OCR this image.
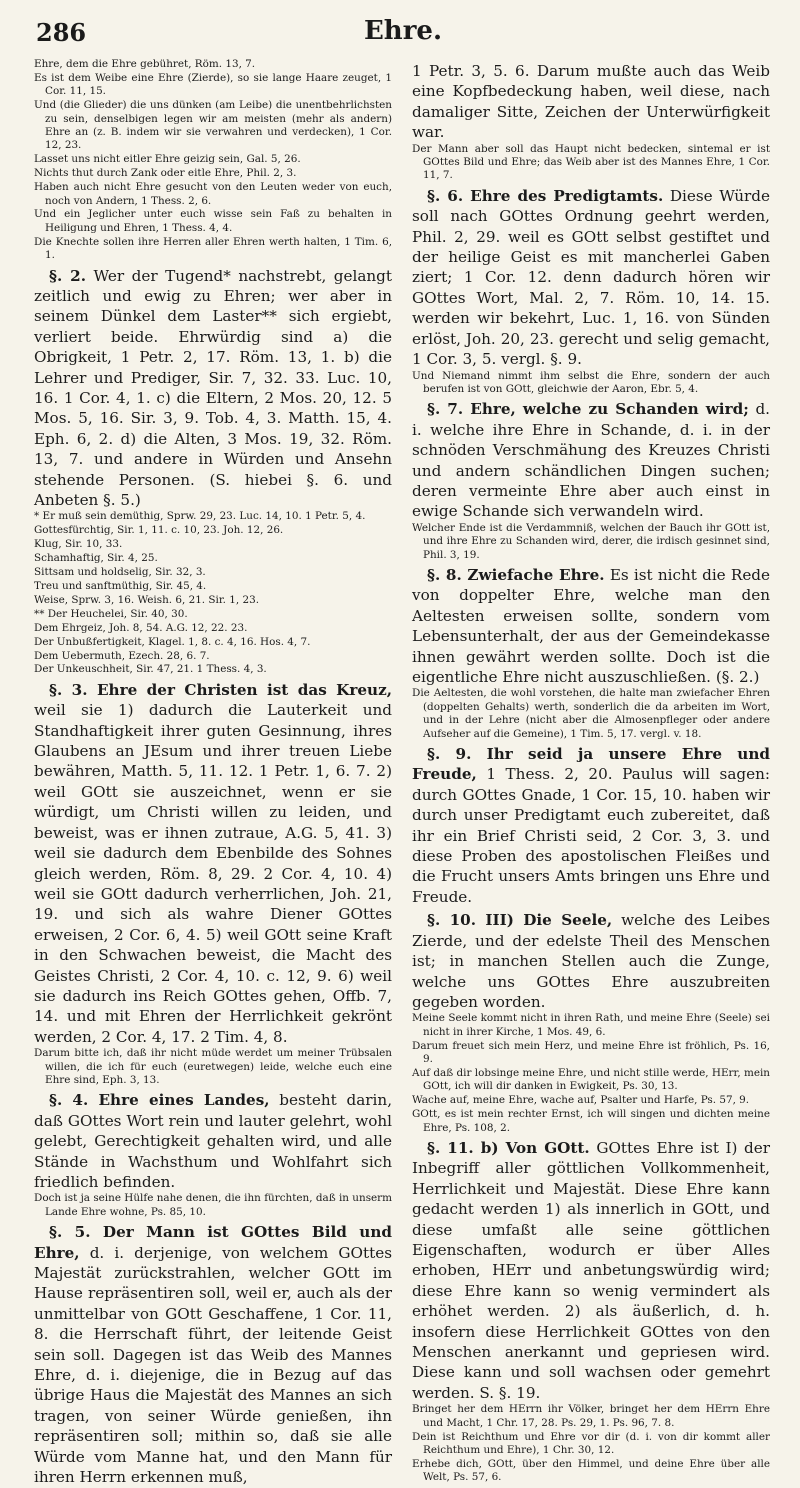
286	Ehre.

Ehre, dem die Ehre gebühret, Röm. 13, 7.

Es ist dem Weibe eine Ehre (Zierde), so sie lange Haare zeuget, 1 Cor. 11, 15.

Und (die Glieder) die uns dünken (am Leibe) die unentbehrlichsten zu sein, denselbigen legen wir am meisten (mehr als andern) Ehre an (z. B. indem wir sie verwahren und verdecken), 1 Cor. 12, 23.

Lasset uns nicht eitler Ehre geizig sein, Gal. 5, 26.

Nichts thut durch Zank oder eitle Ehre, Phil. 2, 3.

Haben auch nicht Ehre gesucht von den Leuten weder von euch, noch von Andern, 1 Thess. 2, 6.

Und ein Jeglicher unter euch wisse sein Faß zu behalten in Heiligung und Ehren, 1 Thess. 4, 4.

Die Knechte sollen ihre Herren aller Ehren werth halten, 1 Tim. 6, 1.

§. 2. Wer der Tugend* nachstrebt, gelangt zeitlich und ewig zu Ehren; wer aber in seinem Dünkel dem Laster** sich ergiebt, verliert beide. Ehrwürdig sind a) die Obrigkeit, 1 Petr. 2, 17. Röm. 13, 1. b) die Lehrer und Prediger, Sir. 7, 32. 33. Luc. 10, 16. 1 Cor. 4, 1. c) die Eltern, 2 Mos. 20, 12. 5 Mos. 5, 16. Sir. 3, 9. Tob. 4, 3. Matth. 15, 4. Eph. 6, 2. d) die Alten, 3 Mos. 19, 32. Röm. 13, 7. und andere in Würden und Ansehn stehende Personen. (S. hiebei §. 6. und Anbeten §. 5.)

* Er muß sein demüthig, Sprw. 29, 23. Luc. 14, 10. 1 Petr. 5, 4.

Gottesfürchtig, Sir. 1, 11. c. 10, 23. Joh. 12, 26.

Klug, Sir. 10, 33.

Schamhaftig, Sir. 4, 25.

Sittsam und holdselig, Sir. 32, 3.

Treu und sanftmüthig, Sir. 45, 4.

Weise, Sprw. 3, 16. Weish. 6, 21. Sir. 1, 23.

** Der Heuchelei, Sir. 40, 30.

Dem Ehrgeiz, Joh. 8, 54. A.G. 12, 22. 23.

Der Unbußfertigkeit, Klagel. 1, 8. c. 4, 16. Hos. 4, 7.

Dem Uebermuth, Ezech. 28, 6. 7.

Der Unkeuschheit, Sir. 47, 21. 1 Thess. 4, 3.

§. 3. Ehre der Christen ist das Kreuz, weil sie 1) dadurch die Lauterkeit und Standhaftigkeit ihrer guten Gesinnung, ihres Glaubens an JEsum und ihrer treuen Liebe bewähren, Matth. 5, 11. 12. 1 Petr. 1, 6. 7. 2) weil GOtt sie auszeichnet, wenn er sie würdigt, um Christi willen zu leiden, und beweist, was er ihnen zutraue, A.G. 5, 41. 3) weil sie dadurch dem Ebenbilde des Sohnes gleich werden, Röm. 8, 29. 2 Cor. 4, 10. 4) weil sie GOtt dadurch verherrlichen, Joh. 21, 19. und sich als wahre Diener GOttes erweisen, 2 Cor. 6, 4. 5) weil GOtt seine Kraft in den Schwachen beweist, die Macht des Geistes Christi, 2 Cor. 4, 10. c. 12, 9. 6) weil sie dadurch ins Reich GOttes gehen, Offb. 7, 14. und mit Ehren der Herrlichkeit gekrönt werden, 2 Cor. 4, 17. 2 Tim. 4, 8.

Darum bitte ich, daß ihr nicht müde werdet um meiner Trübsalen willen, die ich für euch (euretwegen) leide, welche euch eine Ehre sind, Eph. 3, 13.

§. 4. Ehre eines Landes, besteht darin, daß GOttes Wort rein und lauter gelehrt, wohl gelebt, Gerechtigkeit gehalten wird, und alle Stände in Wachsthum und Wohlfahrt sich friedlich befinden.

Doch ist ja seine Hülfe nahe denen, die ihn fürchten, daß in unserm Lande Ehre wohne, Ps. 85, 10.

§. 5. Der Mann ist GOttes Bild und Ehre, d. i. derjenige, von welchem GOttes Majestät zurückstrahlen, welcher GOtt im Hause repräsentiren soll, weil er, auch als der unmittelbar von GOtt Geschaffene, 1 Cor. 11, 8. die Herrschaft führt, der leitende Geist sein soll. Dagegen ist das Weib des Mannes Ehre, d. i. diejenige, die in Bezug auf das übrige Haus die Majestät des Mannes an sich tragen, von seiner Würde genießen, ihn repräsentiren soll; mithin so, daß sie alle Würde vom Manne hat, und den Mann für ihren Herrn erkennen muß,

1 Petr. 3, 5. 6. Darum mußte auch das Weib eine Kopfbedeckung haben, weil diese, nach damaliger Sitte, Zeichen der Unterwürfigkeit war.

Der Mann aber soll das Haupt nicht bedecken, sintemal er ist GOttes Bild und Ehre; das Weib aber ist des Mannes Ehre, 1 Cor. 11, 7.

§. 6. Ehre des Predigtamts. Diese Würde soll nach GOttes Ordnung geehrt werden, Phil. 2, 29. weil es GOtt selbst gestiftet und der heilige Geist es mit mancherlei Gaben ziert; 1 Cor. 12. denn dadurch hören wir GOttes Wort, Mal. 2, 7. Röm. 10, 14. 15. werden wir bekehrt, Luc. 1, 16. von Sünden erlöst, Joh. 20, 23. gerecht und selig gemacht, 1 Cor. 3, 5. vergl. §. 9.

Und Niemand nimmt ihm selbst die Ehre, sondern der auch berufen ist von GOtt, gleichwie der Aaron, Ebr. 5, 4.

§. 7. Ehre, welche zu Schanden wird; d. i. welche ihre Ehre in Schande, d. i. in der schnöden Verschmähung des Kreuzes Christi und andern schändlichen Dingen suchen; deren vermeinte Ehre aber auch einst in ewige Schande sich verwandeln wird.

Welcher Ende ist die Verdammniß, welchen der Bauch ihr GOtt ist, und ihre Ehre zu Schanden wird, derer, die irdisch gesinnet sind, Phil. 3, 19.

§. 8. Zwiefache Ehre. Es ist nicht die Rede von doppelter Ehre, welche man den Aeltesten erweisen sollte, sondern vom Lebensunterhalt, der aus der Gemeindekasse ihnen gewährt werden sollte. Doch ist die eigentliche Ehre nicht auszuschließen. (§. 2.)

Die Aeltesten, die wohl vorstehen, die halte man zwiefacher Ehren (doppelten Gehalts) werth, sonderlich die da arbeiten im Wort, und in der Lehre (nicht aber die Almosenpfleger oder andere Aufseher auf die Gemeine), 1 Tim. 5, 17. vergl. v. 18.

§. 9. Ihr seid ja unsere Ehre und Freude, 1 Thess. 2, 20. Paulus will sagen: durch GOttes Gnade, 1 Cor. 15, 10. haben wir durch unser Predigtamt euch zubereitet, daß ihr ein Brief Christi seid, 2 Cor. 3, 3. und diese Proben des apostolischen Fleißes und die Frucht unsers Amts bringen uns Ehre und Freude.

§. 10. III) Die Seele, welche des Leibes Zierde, und der edelste Theil des Menschen ist; in manchen Stellen auch die Zunge, welche uns GOttes Ehre auszubreiten gegeben worden.

Meine Seele kommt nicht in ihren Rath, und meine Ehre (Seele) sei nicht in ihrer Kirche, 1 Mos. 49, 6.

Darum freuet sich mein Herz, und meine Ehre ist fröhlich, Ps. 16, 9.

Auf daß dir lobsinge meine Ehre, und nicht stille werde, HErr, mein GOtt, ich will dir danken in Ewigkeit, Ps. 30, 13.

Wache auf, meine Ehre, wache auf, Psalter und Harfe, Ps. 57, 9.

GOtt, es ist mein rechter Ernst, ich will singen und dichten meine Ehre, Ps. 108, 2.

§. 11. b) Von GOtt. GOttes Ehre ist I) der Inbegriff aller göttlichen Vollkommenheit, Herrlichkeit und Majestät. Diese Ehre kann gedacht werden 1) als innerlich in GOtt, und diese umfaßt alle seine göttlichen Eigenschaften, wodurch er über Alles erhoben, HErr und anbetungswürdig wird; diese Ehre kann so wenig vermindert als erhöhet werden. 2) als äußerlich, d. h. insofern diese Herrlichkeit GOttes von den Menschen anerkannt und gepriesen wird. Diese kann und soll wachsen oder gemehrt werden. S. §. 19.

Bringet her dem HErrn ihr Völker, bringet her dem HErrn Ehre und Macht, 1 Chr. 17, 28. Ps. 29, 1. Ps. 96, 7. 8.

Dein ist Reichthum und Ehre vor dir (d. i. von dir kommt aller Reichthum und Ehre), 1 Chr. 30, 12.

Erhebe dich, GOtt, über den Himmel, und deine Ehre über alle Welt, Ps. 57, 6.
